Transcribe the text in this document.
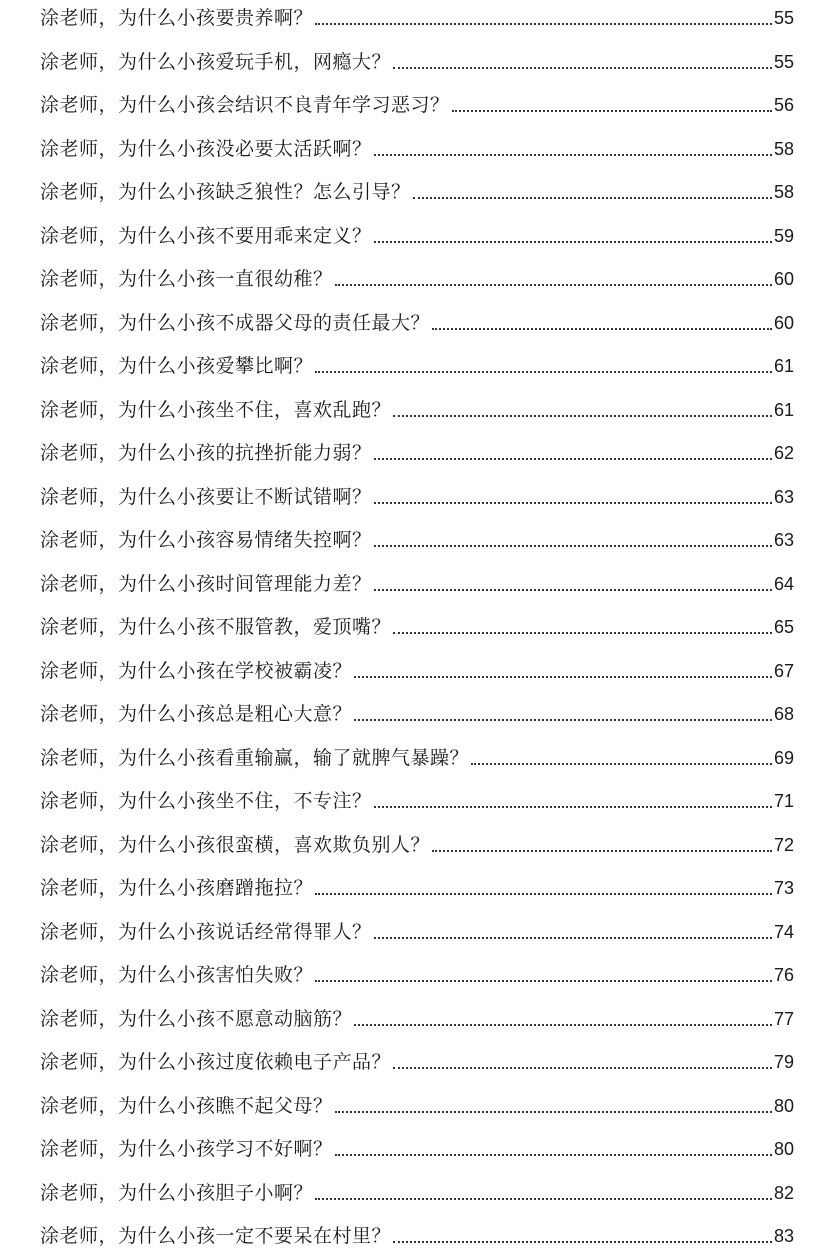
涂老师，为什么小孩要贵养啊？	55
涂老师，为什么小孩爱玩手机，网瘾大？	55
涂老师，为什么小孩会结识不良青年学习恶习？	56
涂老师，为什么小孩没必要太活跃啊？	58
涂老师，为什么小孩缺乏狼性？怎么引导？	58
涂老师，为什么小孩不要用乖来定义？	59
涂老师，为什么小孩一直很幼稚？	60
涂老师，为什么小孩不成器父母的责任最大？	60
涂老师，为什么小孩爱攀比啊？	61
涂老师，为什么小孩坐不住，喜欢乱跑？	61
涂老师，为什么小孩的抗挫折能力弱？	62
涂老师，为什么小孩要让不断试错啊？	63
涂老师，为什么小孩容易情绪失控啊？	63
涂老师，为什么小孩时间管理能力差？	64
涂老师，为什么小孩不服管教，爱顶嘴？	65
涂老师，为什么小孩在学校被霸凌？	67
涂老师，为什么小孩总是粗心大意？	68
涂老师，为什么小孩看重输赢，输了就脾气暴躁？	69
涂老师，为什么小孩坐不住，不专注？	71
涂老师，为什么小孩很蛮横，喜欢欺负别人？	72
涂老师，为什么小孩磨蹭拖拉？	73
涂老师，为什么小孩说话经常得罪人？	74
涂老师，为什么小孩害怕失败？	76
涂老师，为什么小孩不愿意动脑筋？	77
涂老师，为什么小孩过度依赖电子产品？	79
涂老师，为什么小孩瞧不起父母？	80
涂老师，为什么小孩学习不好啊？	80
涂老师，为什么小孩胆子小啊？	82
涂老师，为什么小孩一定不要呆在村里？	83
